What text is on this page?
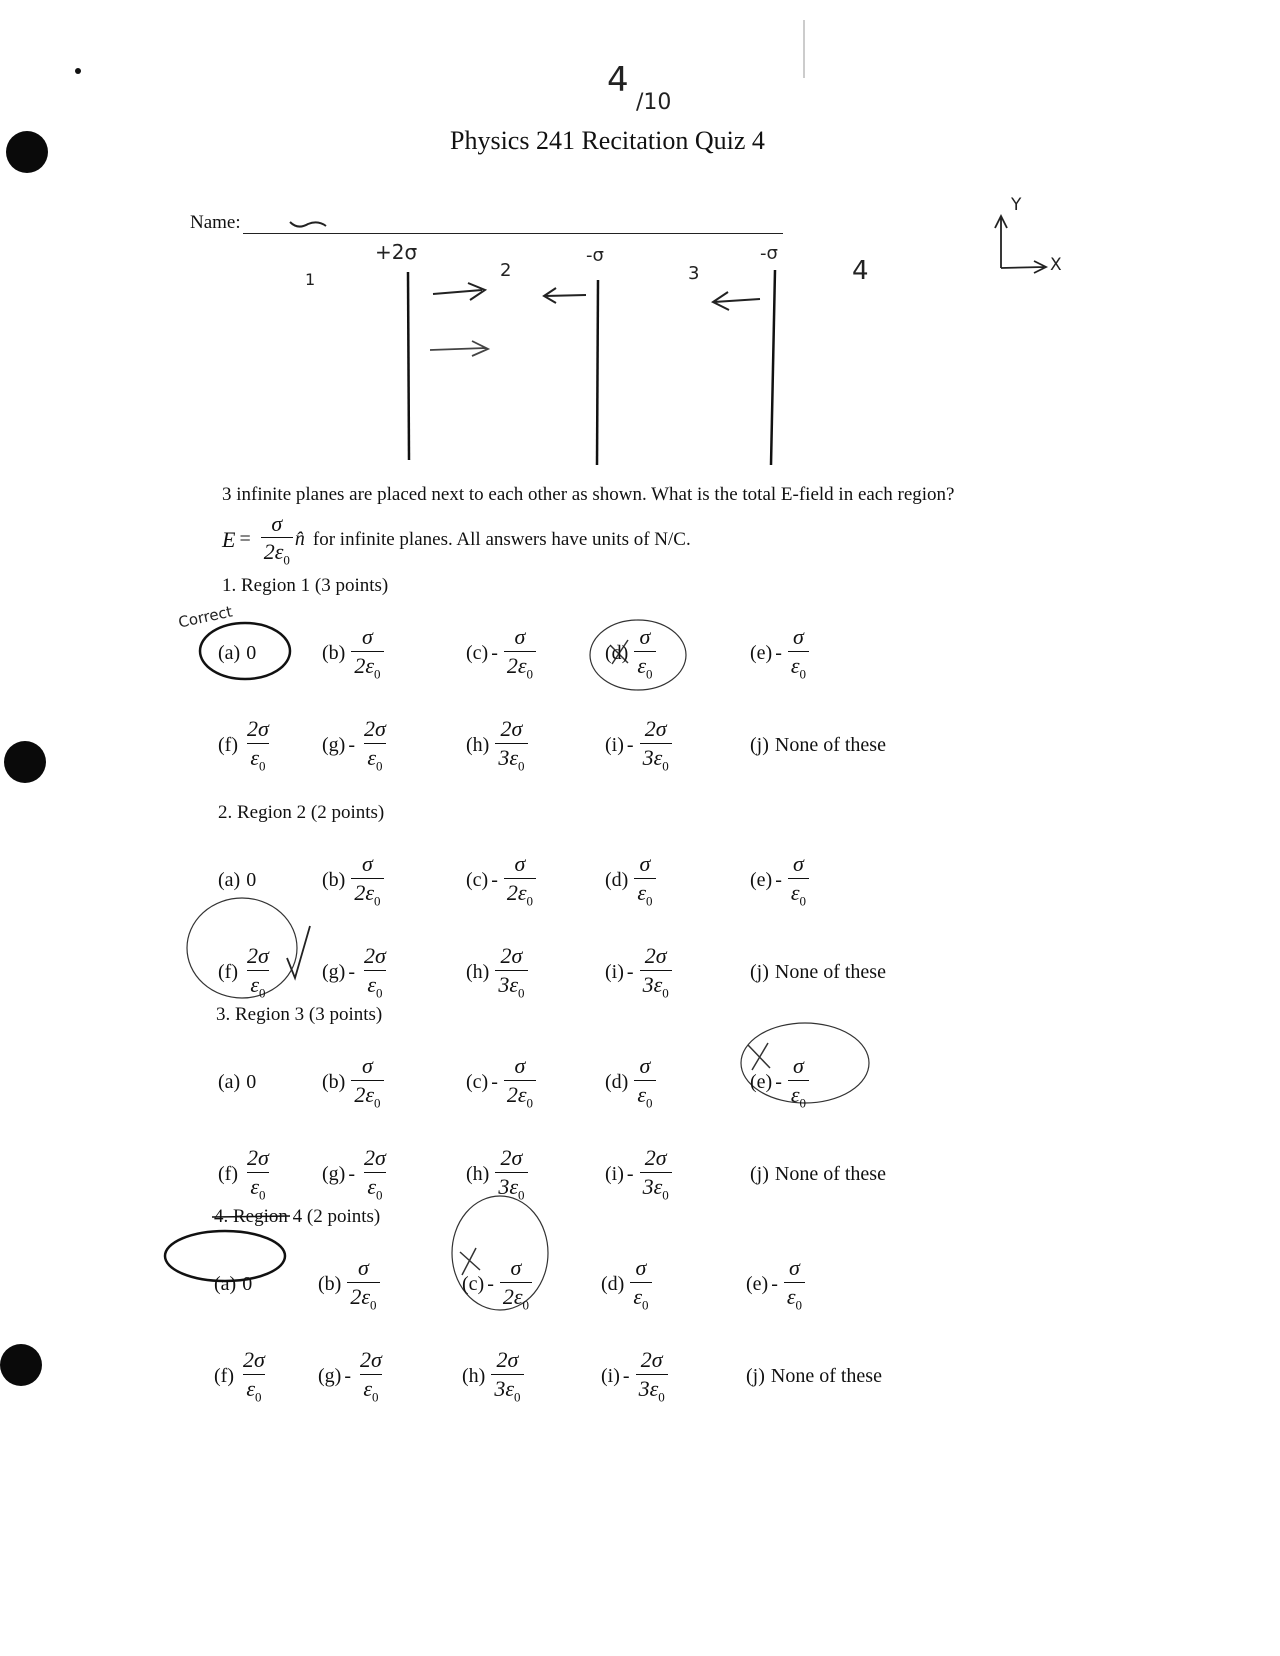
4
/10
Physics 241 Recitation Quiz 4
Name:
+2σ	-σ	-σ
1	2	3	4
Y
X
3 infinite planes are placed next to each other as shown. What is the total E-field in each region?
$E = \frac{\sigma}{2\varepsilon_0}$ n̂ for infinite planes. All answers have units of N/C.
Correct
1. Region 1 (3 points)
(a) 0	$(b) \frac{\sigma}{2\varepsilon_0}$	$(c) - \frac{\sigma}{2\varepsilon_0}$	$(d) \frac{\sigma}{\varepsilon_0}$	$(e) - \frac{\sigma}{\varepsilon_0}$
$(f) \frac{2\sigma}{\varepsilon_0}$	$(g) - \frac{2\sigma}{\varepsilon_0}$	$(h) \frac{2\sigma}{3\varepsilon_0}$	$(i) - \frac{2\sigma}{3\varepsilon_0}$	(j) None of these
2. Region 2 (2 points)
(a) 0	$(b) \frac{\sigma}{2\varepsilon_0}$	$(c) - \frac{\sigma}{2\varepsilon_0}$	$(d) \frac{\sigma}{\varepsilon_0}$	$(e) - \frac{\sigma}{\varepsilon_0}$
$(f) \frac{2\sigma}{\varepsilon_0}$	$(g) - \frac{2\sigma}{\varepsilon_0}$	$(h) \frac{2\sigma}{3\varepsilon_0}$	$(i) - \frac{2\sigma}{3\varepsilon_0}$	(j) None of these
3. Region 3 (3 points)
(a) 0	$(b) \frac{\sigma}{2\varepsilon_0}$	$(c) - \frac{\sigma}{2\varepsilon_0}$	$(d) \frac{\sigma}{\varepsilon_0}$	$(e) - \frac{\sigma}{\varepsilon_0}$
$(f) \frac{2\sigma}{\varepsilon_0}$	$(g) - \frac{2\sigma}{\varepsilon_0}$	$(h) \frac{2\sigma}{3\varepsilon_0}$	$(i) - \frac{2\sigma}{3\varepsilon_0}$	(j) None of these
4. Region 4 (2 points)
(a) 0	$(b) \frac{\sigma}{2\varepsilon_0}$	$(c) - \frac{\sigma}{2\varepsilon_0}$	$(d) \frac{\sigma}{\varepsilon_0}$	$(e) - \frac{\sigma}{\varepsilon_0}$
$(f) \frac{2\sigma}{\varepsilon_0}$	$(g) - \frac{2\sigma}{\varepsilon_0}$	$(h) \frac{2\sigma}{3\varepsilon_0}$	$(i) - \frac{2\sigma}{3\varepsilon_0}$	(j) None of these
